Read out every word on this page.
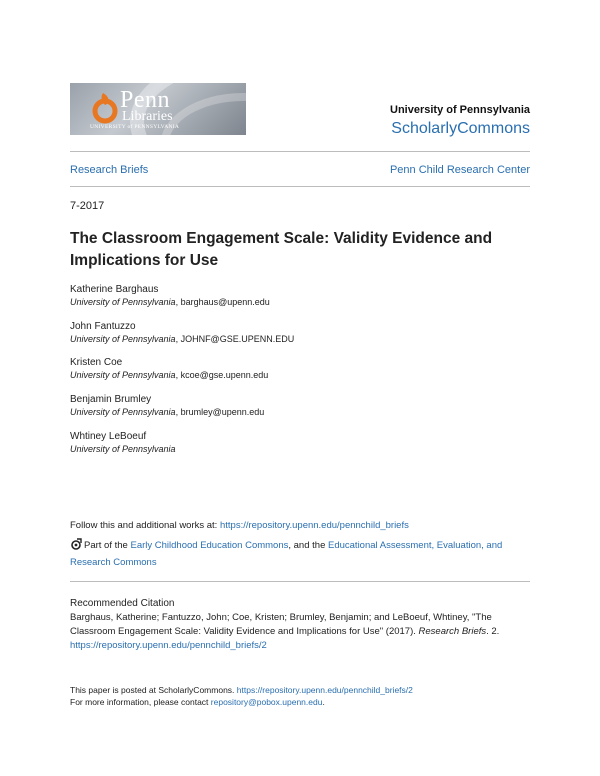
Penn
Libraries
UNIVERSITY of PENNSYLVANIA
University of Pennsylvania
ScholarlyCommons
Research Briefs	Penn Child Research Center
7-2017
The Classroom Engagement Scale: Validity Evidence and Implications for Use
Katherine Barghaus
University of Pennsylvania, barghaus@upenn.edu
John Fantuzzo
University of Pennsylvania, JOHNF@GSE.UPENN.EDU
Kristen Coe
University of Pennsylvania, kcoe@gse.upenn.edu
Benjamin Brumley
University of Pennsylvania, brumley@upenn.edu
Whtiney LeBoeuf
University of Pennsylvania
Follow this and additional works at: https://repository.upenn.edu/pennchild_briefs
Part of the Early Childhood Education Commons, and the Educational Assessment, Evaluation, and Research Commons
Recommended Citation
Barghaus, Katherine; Fantuzzo, John; Coe, Kristen; Brumley, Benjamin; and LeBoeuf, Whtiney, "The Classroom Engagement Scale: Validity Evidence and Implications for Use" (2017). Research Briefs. 2.
https://repository.upenn.edu/pennchild_briefs/2
This paper is posted at ScholarlyCommons. https://repository.upenn.edu/pennchild_briefs/2
For more information, please contact repository@pobox.upenn.edu.
